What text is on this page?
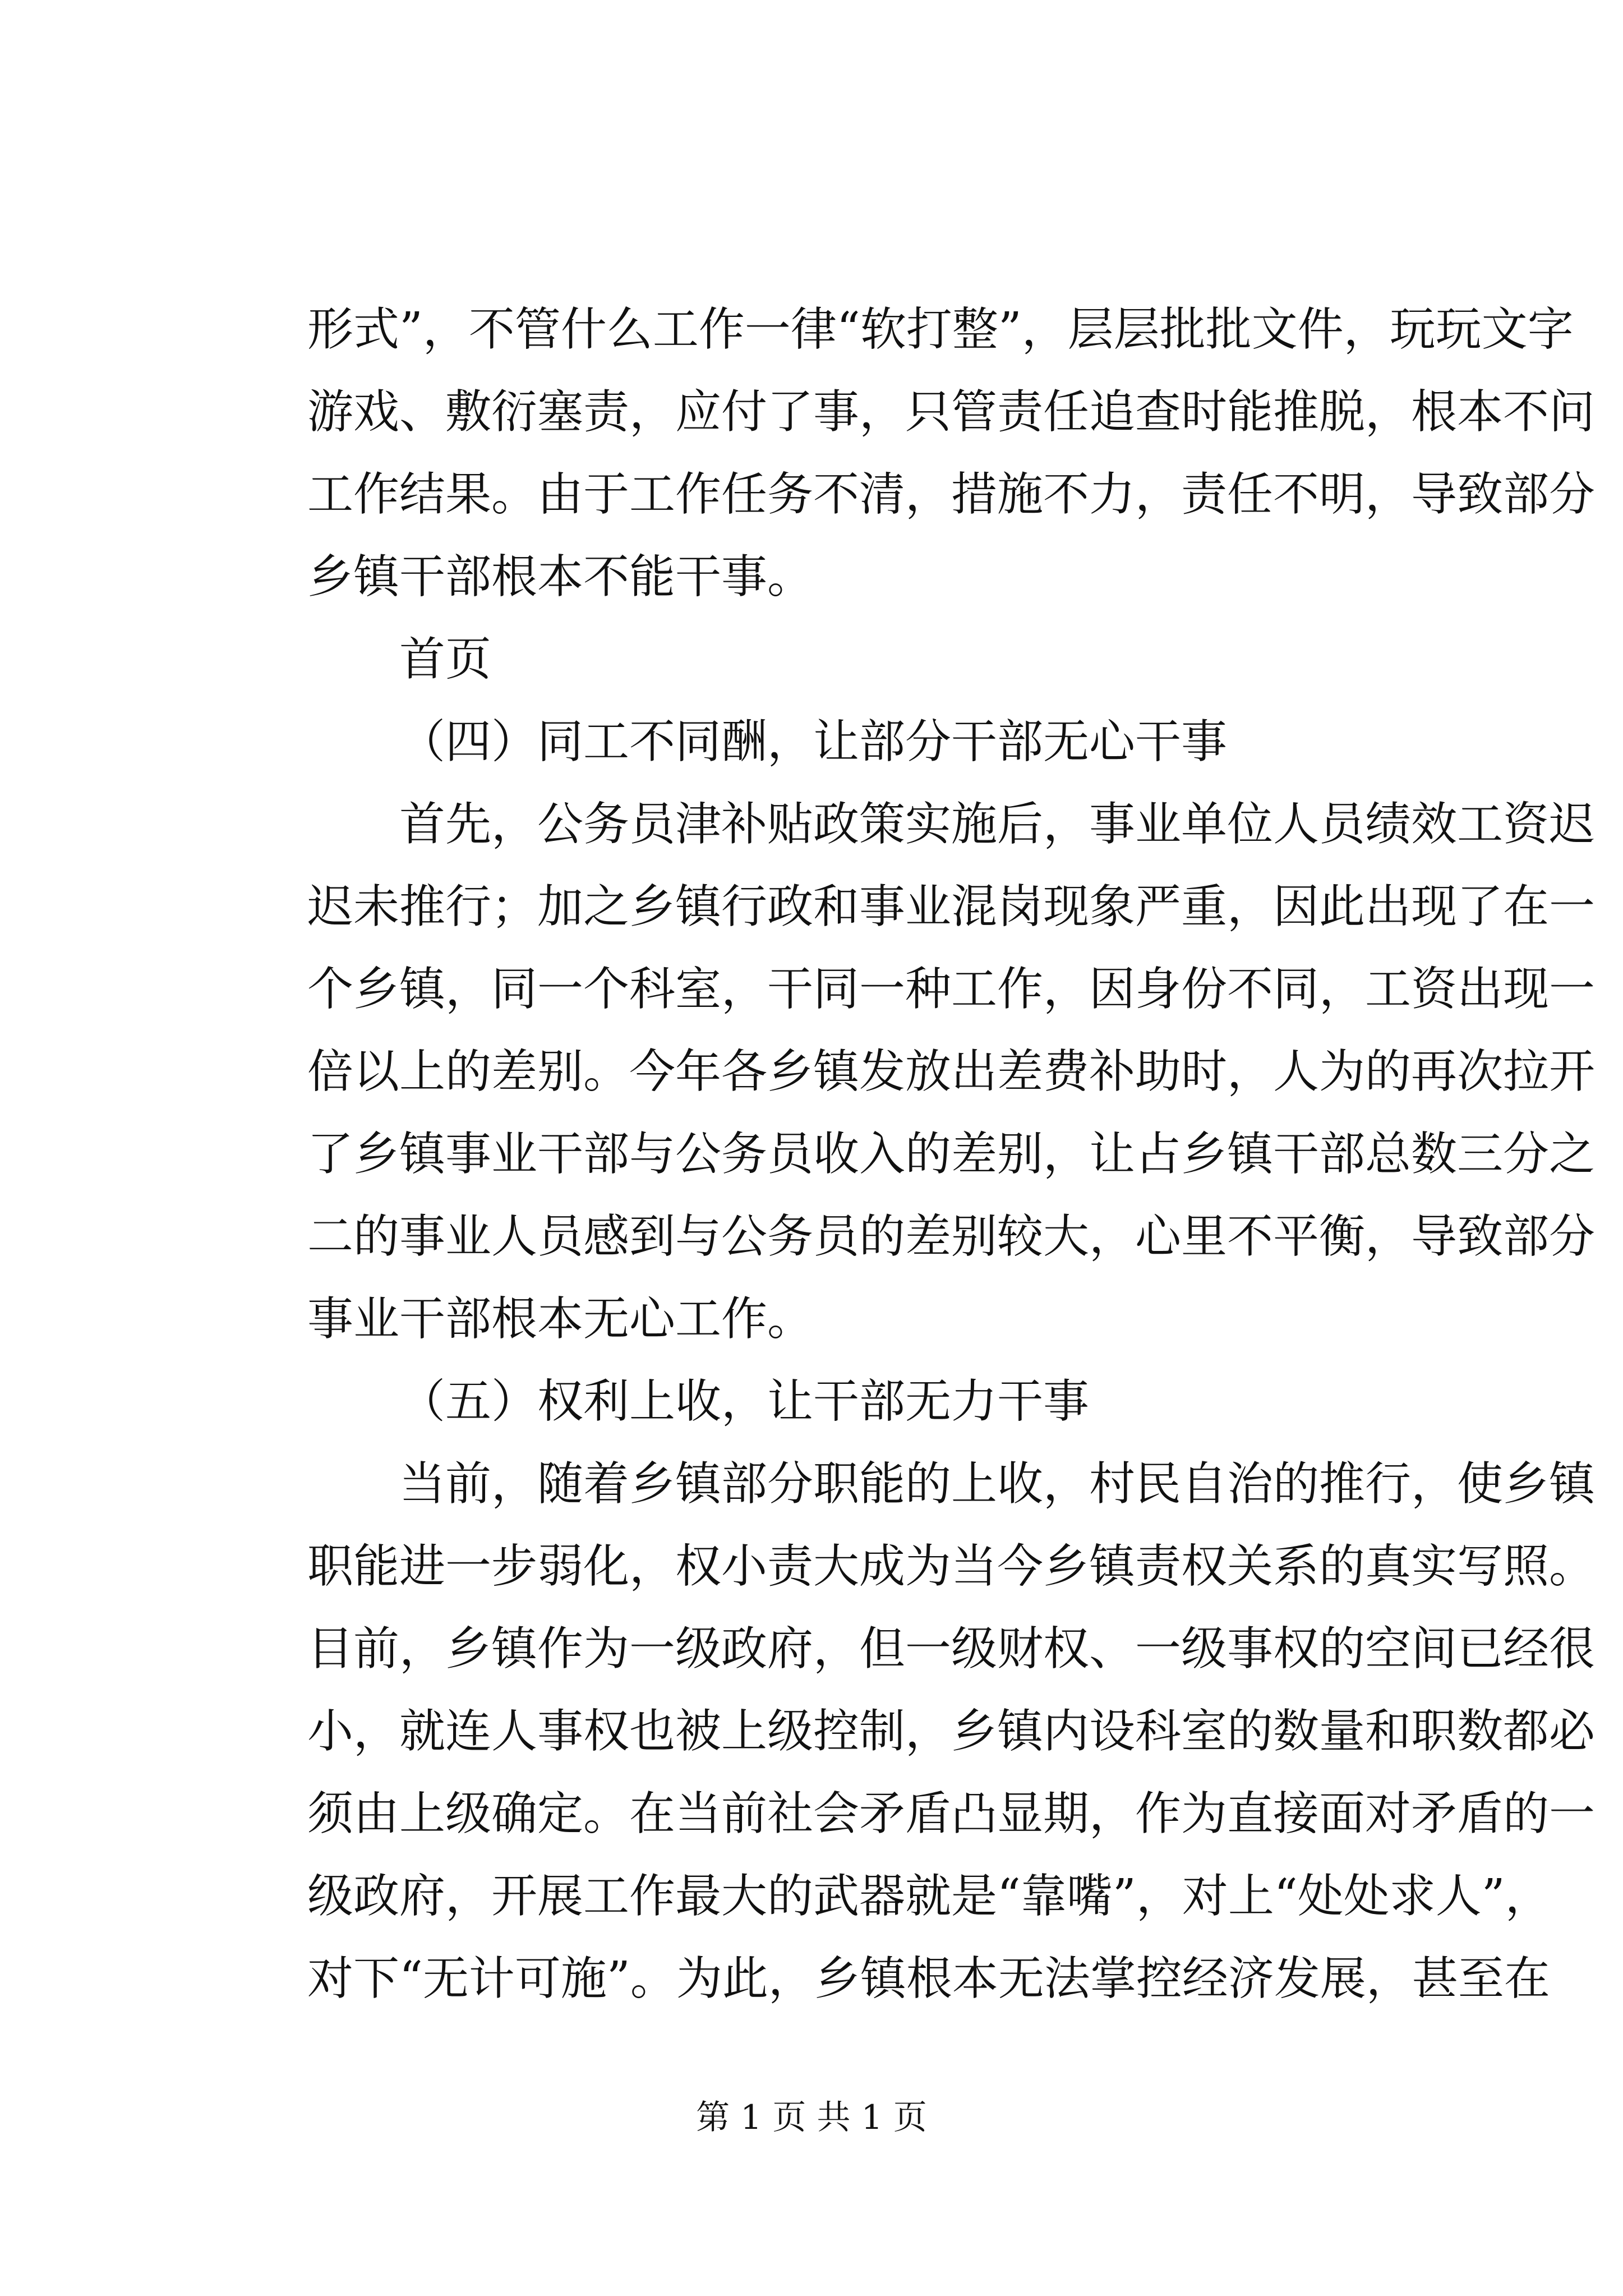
形式”，不管什么工作一律“软打整”，层层批批文件，玩玩文字
游戏、敷衍塞责，应付了事，只管责任追查时能推脱，根本不问
工作结果。由于工作任务不清，措施不力，责任不明，导致部分
乡镇干部根本不能干事。
首页
（四）同工不同酬，让部分干部无心干事
首先，公务员津补贴政策实施后，事业单位人员绩效工资迟
迟未推行；加之乡镇行政和事业混岗现象严重，因此出现了在一
个乡镇，同一个科室，干同一种工作，因身份不同，工资出现一
倍以上的差别。今年各乡镇发放出差费补助时，人为的再次拉开
了乡镇事业干部与公务员收入的差别，让占乡镇干部总数三分之
二的事业人员感到与公务员的差别较大，心里不平衡，导致部分
事业干部根本无心工作。
（五）权利上收，让干部无力干事
当前，随着乡镇部分职能的上收，村民自治的推行，使乡镇
职能进一步弱化，权小责大成为当今乡镇责权关系的真实写照。
目前，乡镇作为一级政府，但一级财权、一级事权的空间已经很
小，就连人事权也被上级控制，乡镇内设科室的数量和职数都必
须由上级确定。在当前社会矛盾凸显期，作为直接面对矛盾的一
级政府，开展工作最大的武器就是“靠嘴”，对上“处处求人”，
对下“无计可施”。为此，乡镇根本无法掌控经济发展，甚至在
第 1 页 共 1 页
